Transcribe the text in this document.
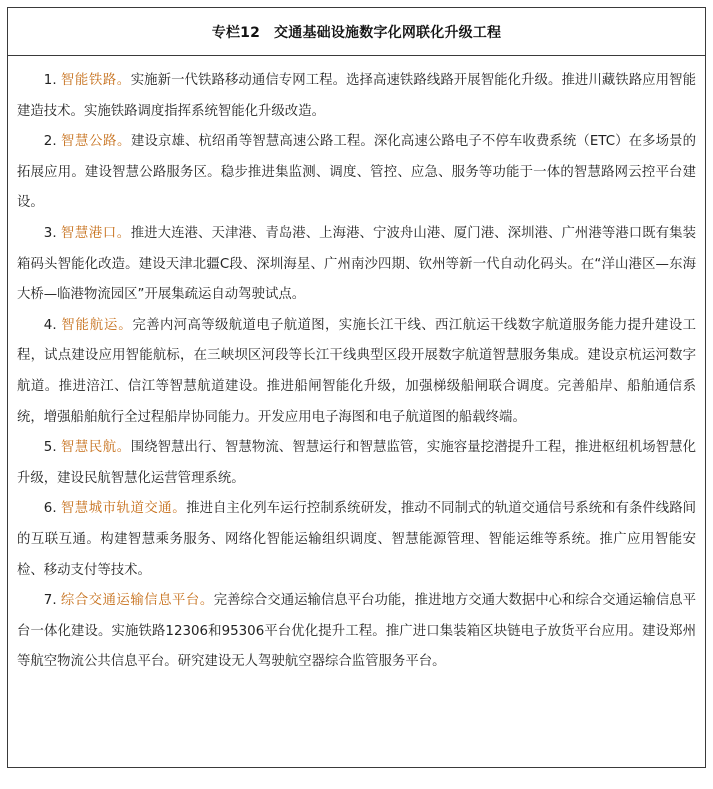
专栏12 交通基础设施数字化网联化升级工程

1. 智能铁路。实施新一代铁路移动通信专网工程。选择高速铁路线路开展智能化升级。推进川藏铁路应用智能建造技术。实施铁路调度指挥系统智能化升级改造。

2. 智慧公路。建设京雄、杭绍甬等智慧高速公路工程。深化高速公路电子不停车收费系统（ETC）在多场景的拓展应用。建设智慧公路服务区。稳步推进集监测、调度、管控、应急、服务等功能于一体的智慧路网云控平台建设。

3. 智慧港口。推进大连港、天津港、青岛港、上海港、宁波舟山港、厦门港、深圳港、广州港等港口既有集装箱码头智能化改造。建设天津北疆C段、深圳海星、广州南沙四期、钦州等新一代自动化码头。在“洋山港区—东海大桥—临港物流园区”开展集疏运自动驾驶试点。

4. 智能航运。完善内河高等级航道电子航道图，实施长江干线、西江航运干线数字航道服务能力提升建设工程，试点建设应用智能航标，在三峡坝区河段等长江干线典型区段开展数字航道智慧服务集成。建设京杭运河数字航道。推进涪江、信江等智慧航道建设。推进船闸智能化升级，加强梯级船闸联合调度。完善船岸、船舶通信系统，增强船舶航行全过程船岸协同能力。开发应用电子海图和电子航道图的船载终端。

5. 智慧民航。围绕智慧出行、智慧物流、智慧运行和智慧监管，实施容量挖潜提升工程，推进枢纽机场智慧化升级，建设民航智慧化运营管理系统。

6. 智慧城市轨道交通。推进自主化列车运行控制系统研发，推动不同制式的轨道交通信号系统和有条件线路间的互联互通。构建智慧乘务服务、网络化智能运输组织调度、智慧能源管理、智能运维等系统。推广应用智能安检、移动支付等技术。

7. 综合交通运输信息平台。完善综合交通运输信息平台功能，推进地方交通大数据中心和综合交通运输信息平台一体化建设。实施铁路12306和95306平台优化提升工程。推广进口集装箱区块链电子放货平台应用。建设郑州等航空物流公共信息平台。研究建设无人驾驶航空器综合监管服务平台。
